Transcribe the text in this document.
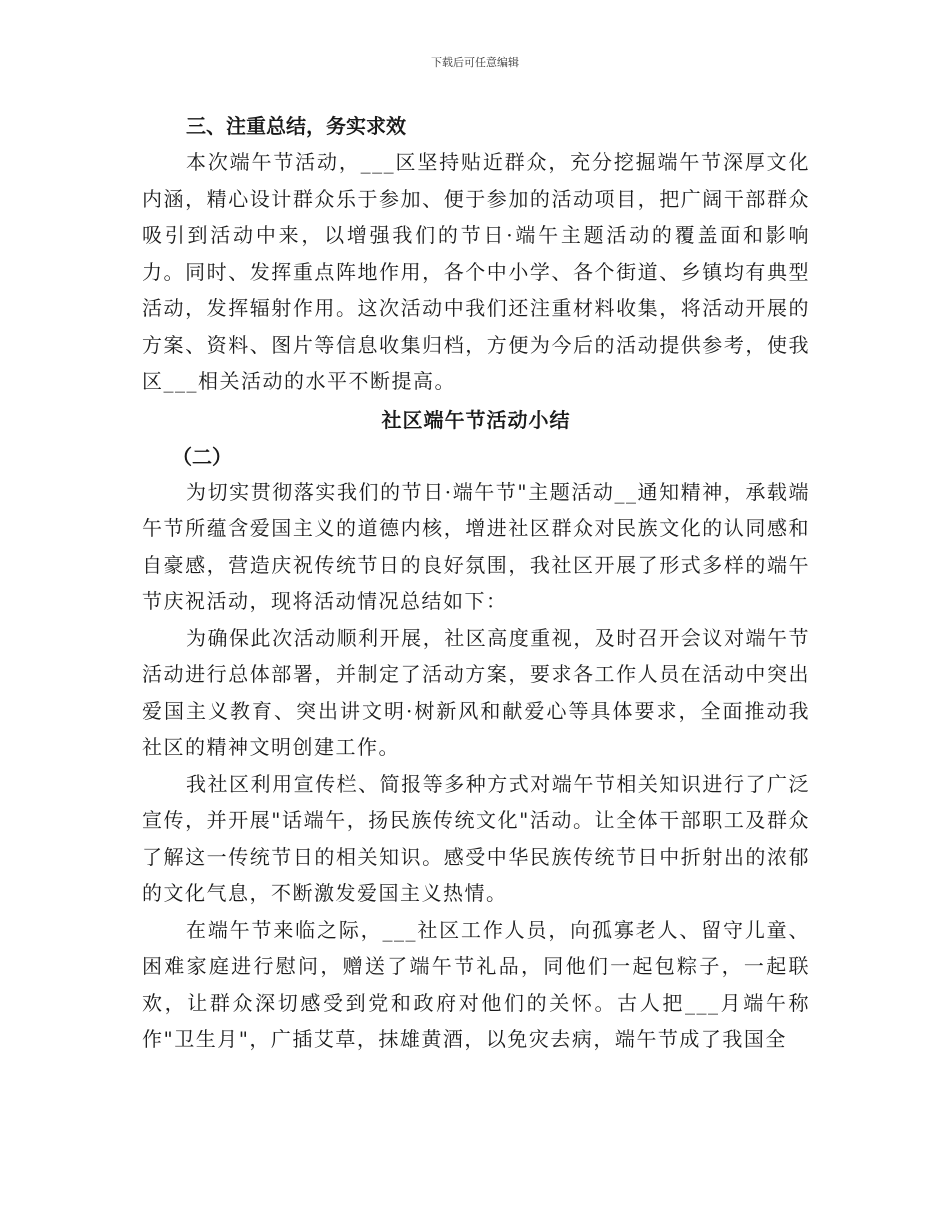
下载后可任意编辑

三、注重总结，务实求效

本次端午节活动，___区坚持贴近群众，充分挖掘端午节深厚文化内涵，精心设计群众乐于参加、便于参加的活动项目，把广阔干部群众吸引到活动中来，以增强我们的节日·端午主题活动的覆盖面和影响力。同时、发挥重点阵地作用，各个中小学、各个街道、乡镇均有典型活动，发挥辐射作用。这次活动中我们还注重材料收集，将活动开展的方案、资料、图片等信息收集归档，方便为今后的活动提供参考，使我区___相关活动的水平不断提高。

社区端午节活动小结

（二）

为切实贯彻落实我们的节日·端午节"主题活动__通知精神，承载端午节所蕴含爱国主义的道德内核，增进社区群众对民族文化的认同感和自豪感，营造庆祝传统节日的良好氛围，我社区开展了形式多样的端午节庆祝活动，现将活动情况总结如下：

为确保此次活动顺利开展，社区高度重视，及时召开会议对端午节活动进行总体部署，并制定了活动方案，要求各工作人员在活动中突出爱国主义教育、突出讲文明·树新风和献爱心等具体要求，全面推动我社区的精神文明创建工作。

我社区利用宣传栏、简报等多种方式对端午节相关知识进行了广泛宣传，并开展"话端午，扬民族传统文化"活动。让全体干部职工及群众了解这一传统节日的相关知识。感受中华民族传统节日中折射出的浓郁的文化气息，不断激发爱国主义热情。

在端午节来临之际，___社区工作人员，向孤寡老人、留守儿童、困难家庭进行慰问，赠送了端午节礼品，同他们一起包粽子，一起联欢，让群众深切感受到党和政府对他们的关怀。古人把___月端午称作"卫生月"，广插艾草，抹雄黄酒，以免灾去病，端午节成了我国全
